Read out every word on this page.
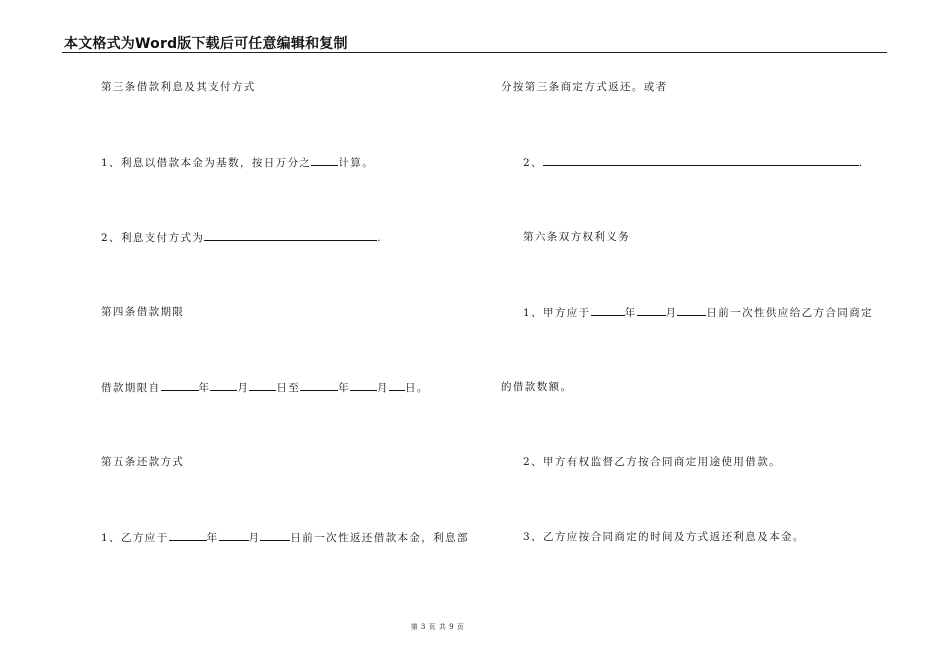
本文格式为Word版下载后可任意编辑和复制
第三条借款利息及其支付方式
1、利息以借款本金为基数，按日万分之	计算。
2、利息支付方式为	.
第四条借款期限
借款期限自	年	月	日至	年	月 日。
第五条还款方式
1、乙方应于	年	月	日前一次性返还借款本金，利息部
分按第三条商定方式返还。或者
2、	.
第六条双方权利义务
1、甲方应于	年	月	日前一次性供应给乙方合同商定
的借款数额。
2、甲方有权监督乙方按合同商定用途使用借款。
3、乙方应按合同商定的时间及方式返还利息及本金。
第 3 页 共 9 页
